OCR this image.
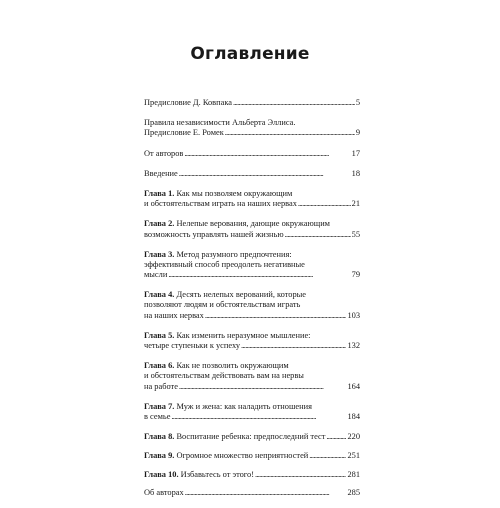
Оглавление
Предисловие Д. Ковпака . . .	5
Правила независимости Альберта Эллиса.
Предисловие Е. Ромек . . .	9
От авторов . . .	17
Введение . . .	18
Глава 1. Как мы позволяем окружающим
и обстоятельствам играть на наших нервах . . .	21
Глава 2. Нелепые верования, дающие окружающим
возможность управлять нашей жизнью . . .	55
Глава 3. Метод разумного предпочтения:
эффективный способ преодолеть негативные
мысли . . .	79
Глава 4. Десять нелепых верований, которые
позволяют людям и обстоятельствам играть
на наших нервах . . .	103
Глава 5. Как изменить неразумное мышление:
четыре ступеньки к успеху . . .	132
Глава 6. Как не позволить окружающим
и обстоятельствам действовать вам на нервы
на работе . . .	164
Глава 7. Муж и жена: как наладить отношения
в семье . . .	184
Глава 8. Воспитание ребенка: предпоследний тест . . .	220
Глава 9. Огромное множество неприятностей . . .	251
Глава 10. Избавьтесь от этого! . . .	281
Об авторах . . .	285
